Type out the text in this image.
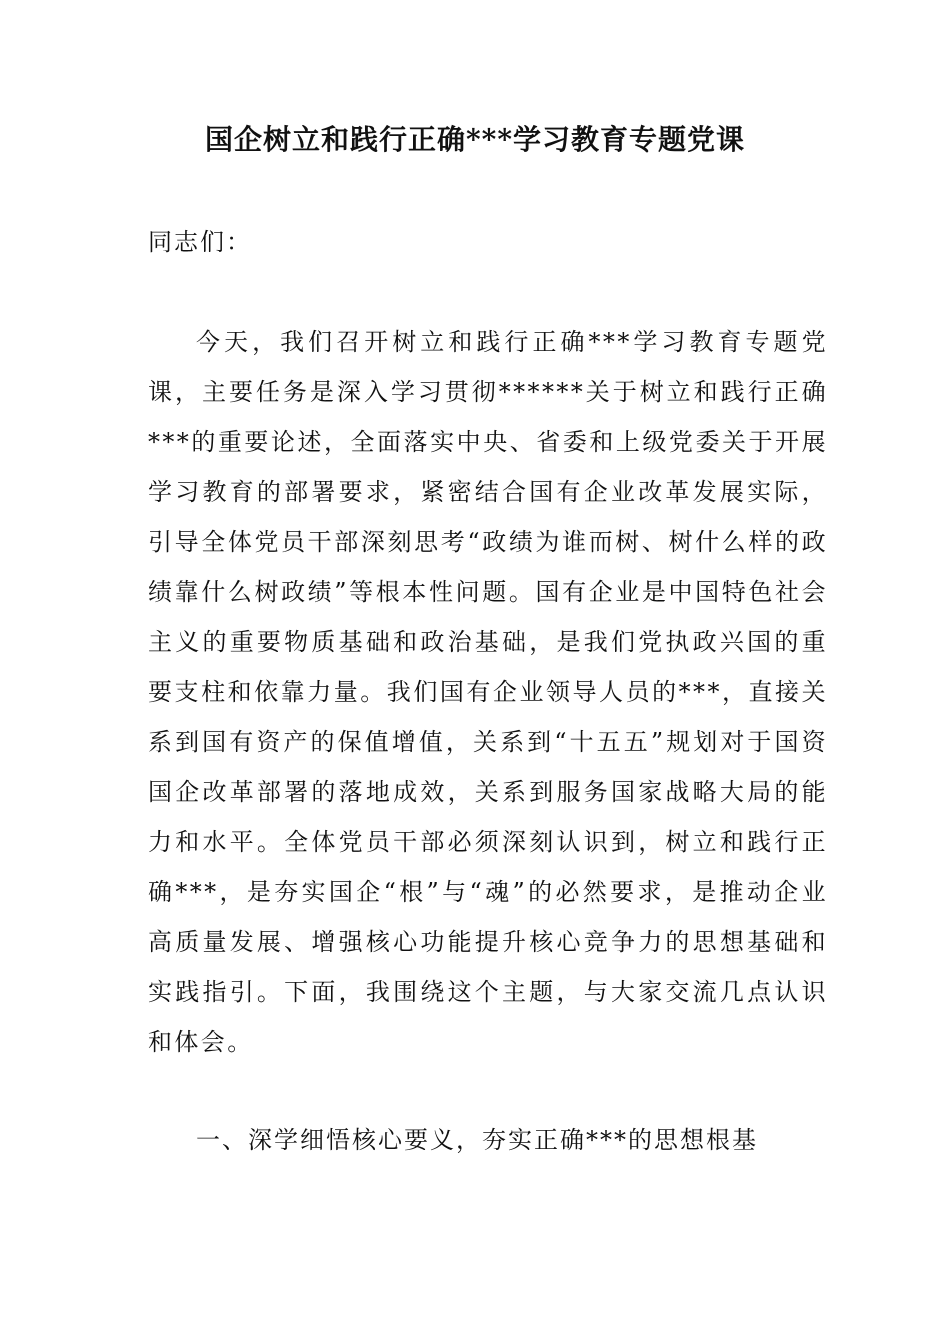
国企树立和践行正确***学习教育专题党课

同志们：

今天，我们召开树立和践行正确***学习教育专题党课，主要任务是深入学习贯彻******关于树立和践行正确***的重要论述，全面落实中央、省委和上级党委关于开展学习教育的部署要求，紧密结合国有企业改革发展实际，引导全体党员干部深刻思考“政绩为谁而树、树什么样的政绩靠什么树政绩”等根本性问题。国有企业是中国特色社会主义的重要物质基础和政治基础，是我们党执政兴国的重要支柱和依靠力量。我们国有企业领导人员的***，直接关系到国有资产的保值增值，关系到“十五五”规划对于国资国企改革部署的落地成效，关系到服务国家战略大局的能力和水平。全体党员干部必须深刻认识到，树立和践行正确***，是夯实国企“根”与“魂”的必然要求，是推动企业高质量发展、增强核心功能提升核心竞争力的思想基础和实践指引。下面，我围绕这个主题，与大家交流几点认识和体会。

一、深学细悟核心要义，夯实正确***的思想根基
